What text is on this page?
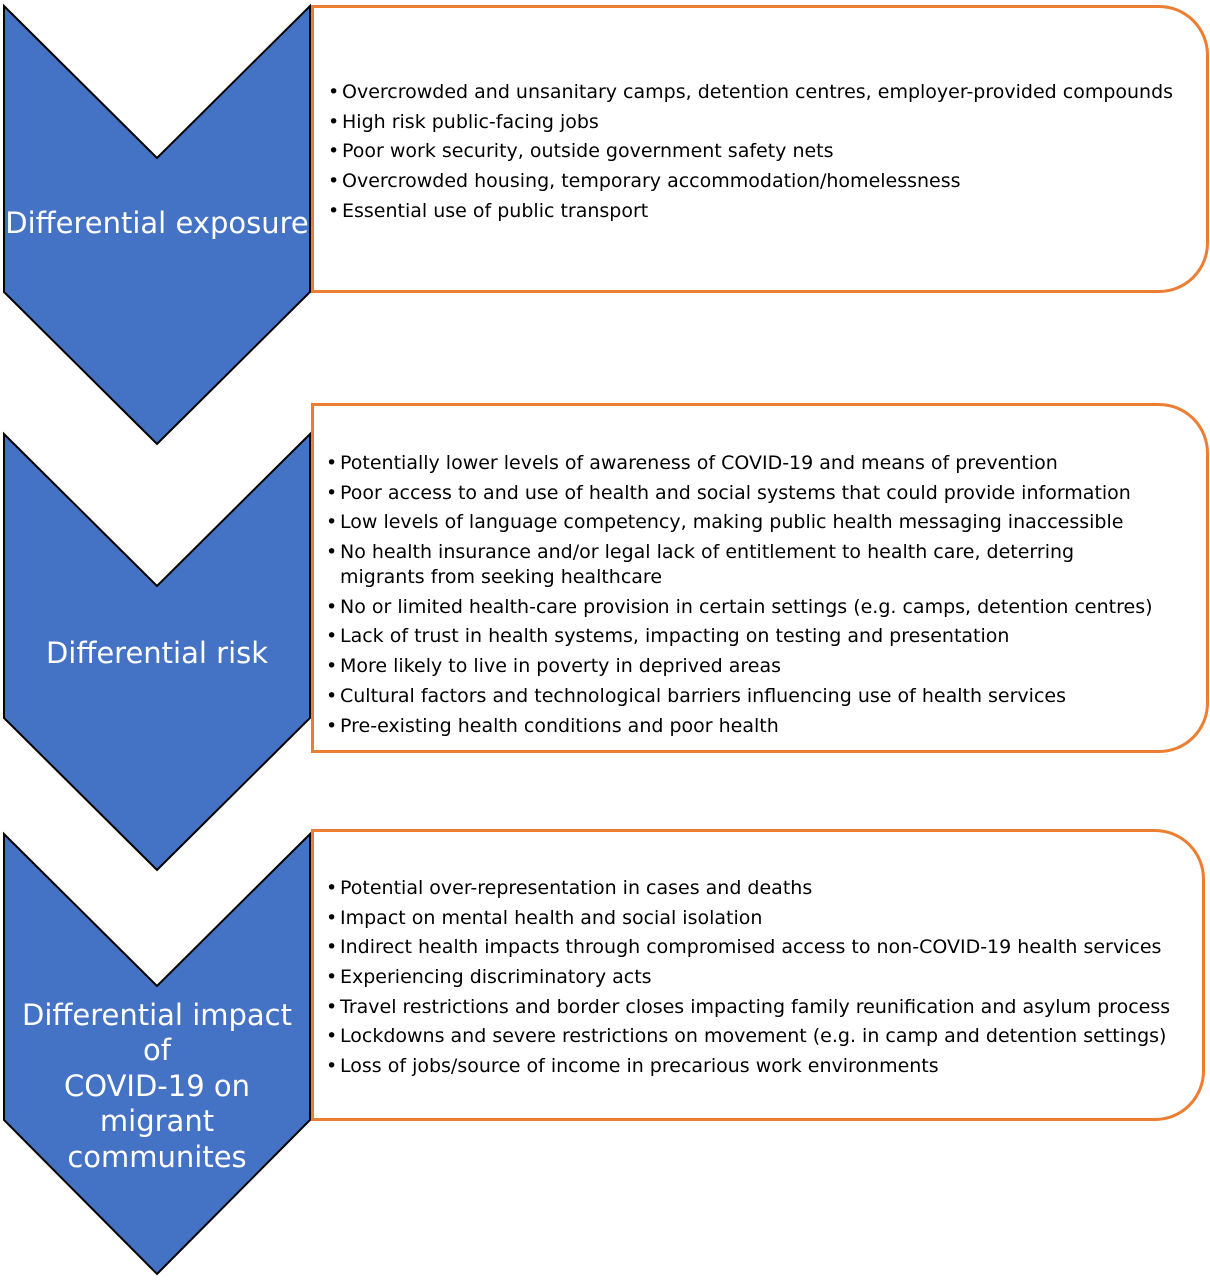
Differential exposure
Differential risk
Differential impact of
COVID-19 on migrant
communites
• Overcrowded and unsanitary camps, detention centres, employer-provided compounds
• High risk public-facing jobs
• Poor work security, outside government safety nets
• Overcrowded housing, temporary accommodation/homelessness
• Essential use of public transport
• Potentially lower levels of awareness of COVID-19 and means of prevention
• Poor access to and use of health and social systems that could provide information
• Low levels of language competency, making public health messaging inaccessible
• No health insurance and/or legal lack of entitlement to health care, deterring migrants from seeking healthcare
• No or limited health-care provision in certain settings (e.g. camps, detention centres)
• Lack of trust in health systems, impacting on testing and presentation
• More likely to live in poverty in deprived areas
• Cultural factors and technological barriers influencing use of health services
• Pre-existing health conditions and poor health
• Potential over-representation in cases and deaths
• Impact on mental health and social isolation
• Indirect health impacts through compromised access to non-COVID-19 health services
• Experiencing discriminatory acts
• Travel restrictions and border closes impacting family reunification and asylum process
• Lockdowns and severe restrictions on movement (e.g. in camp and detention settings)
• Loss of jobs/source of income in precarious work environments
